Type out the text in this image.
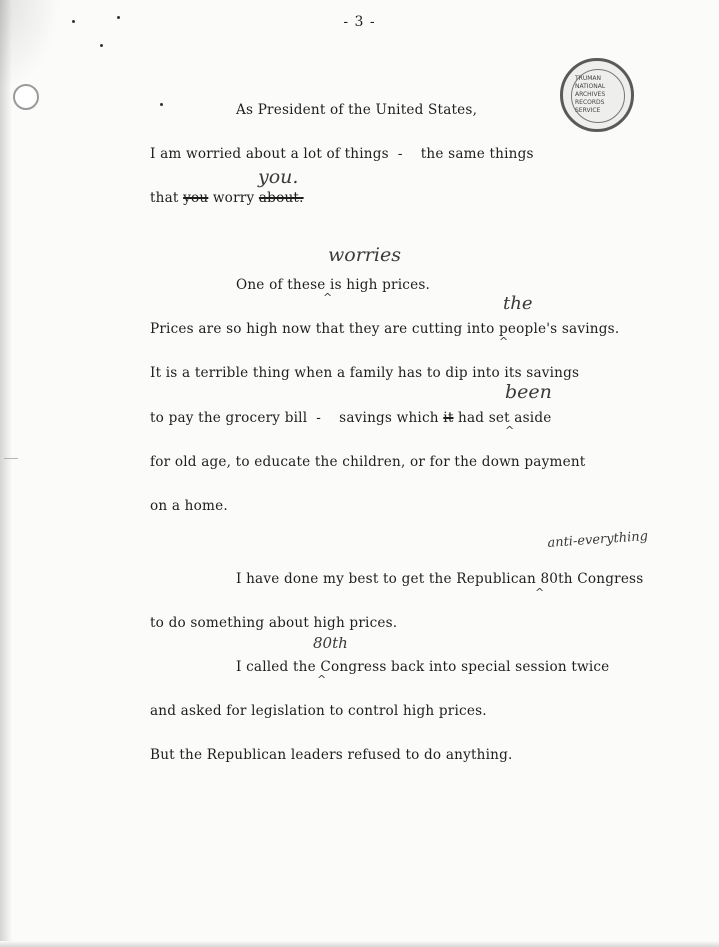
- 3 -
TRUMAN
NATIONAL
ARCHIVES
RECORDS
SERVICE
As President of the United States,
I am worried about a lot of things  -    the same things
that you worry about.
you.
One of these is high prices.
^
worries
Prices are so high now that they are cutting into people's savings.
^
the
It is a terrible thing when a family has to dip into its savings
to pay the grocery bill  -    savings which it had set aside
^
been
for old age, to educate the children, or for the down payment
on a home.
I have done my best to get the Republican 80th Congress
^
anti-everything
to do something about high prices.
I called the Congress back into special session twice
^
80th
and asked for legislation to control high prices.
But the Republican leaders refused to do anything.
